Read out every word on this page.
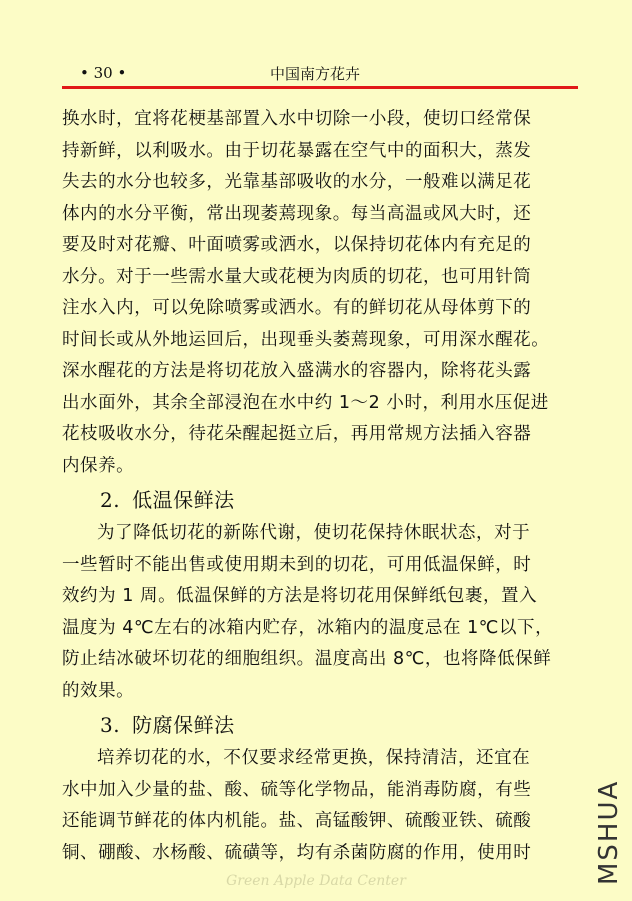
• 30 •	中国南方花卉
换水时，宜将花梗基部置入水中切除一小段，使切口经常保
持新鲜，以利吸水。由于切花暴露在空气中的面积大，蒸发
失去的水分也较多，光靠基部吸收的水分，一般难以满足花
体内的水分平衡，常出现萎蔫现象。每当高温或风大时，还
要及时对花瓣、叶面喷雾或洒水，以保持切花体内有充足的
水分。对于一些需水量大或花梗为肉质的切花，也可用针筒
注水入内，可以免除喷雾或洒水。有的鲜切花从母体剪下的
时间长或从外地运回后，出现垂头萎蔫现象，可用深水醒花。
深水醒花的方法是将切花放入盛满水的容器内，除将花头露
出水面外，其余全部浸泡在水中约 1～2 小时，利用水压促进
花枝吸收水分，待花朵醒起挺立后，再用常规方法插入容器
内保养。
2. 低温保鲜法
为了降低切花的新陈代谢，使切花保持休眠状态，对于
一些暂时不能出售或使用期未到的切花，可用低温保鲜，时
效约为 1 周。低温保鲜的方法是将切花用保鲜纸包裹，置入
温度为 4℃左右的冰箱内贮存，冰箱内的温度忌在 1℃以下，
防止结冰破坏切花的细胞组织。温度高出 8℃，也将降低保鲜
的效果。
3. 防腐保鲜法
培养切花的水，不仅要求经常更换，保持清洁，还宜在
水中加入少量的盐、酸、硫等化学物品，能消毒防腐，有些
还能调节鲜花的体内机能。盐、高锰酸钾、硫酸亚铁、硫酸
铜、硼酸、水杨酸、硫磺等，均有杀菌防腐的作用，使用时	MSHUA
Green Apple Data Center
